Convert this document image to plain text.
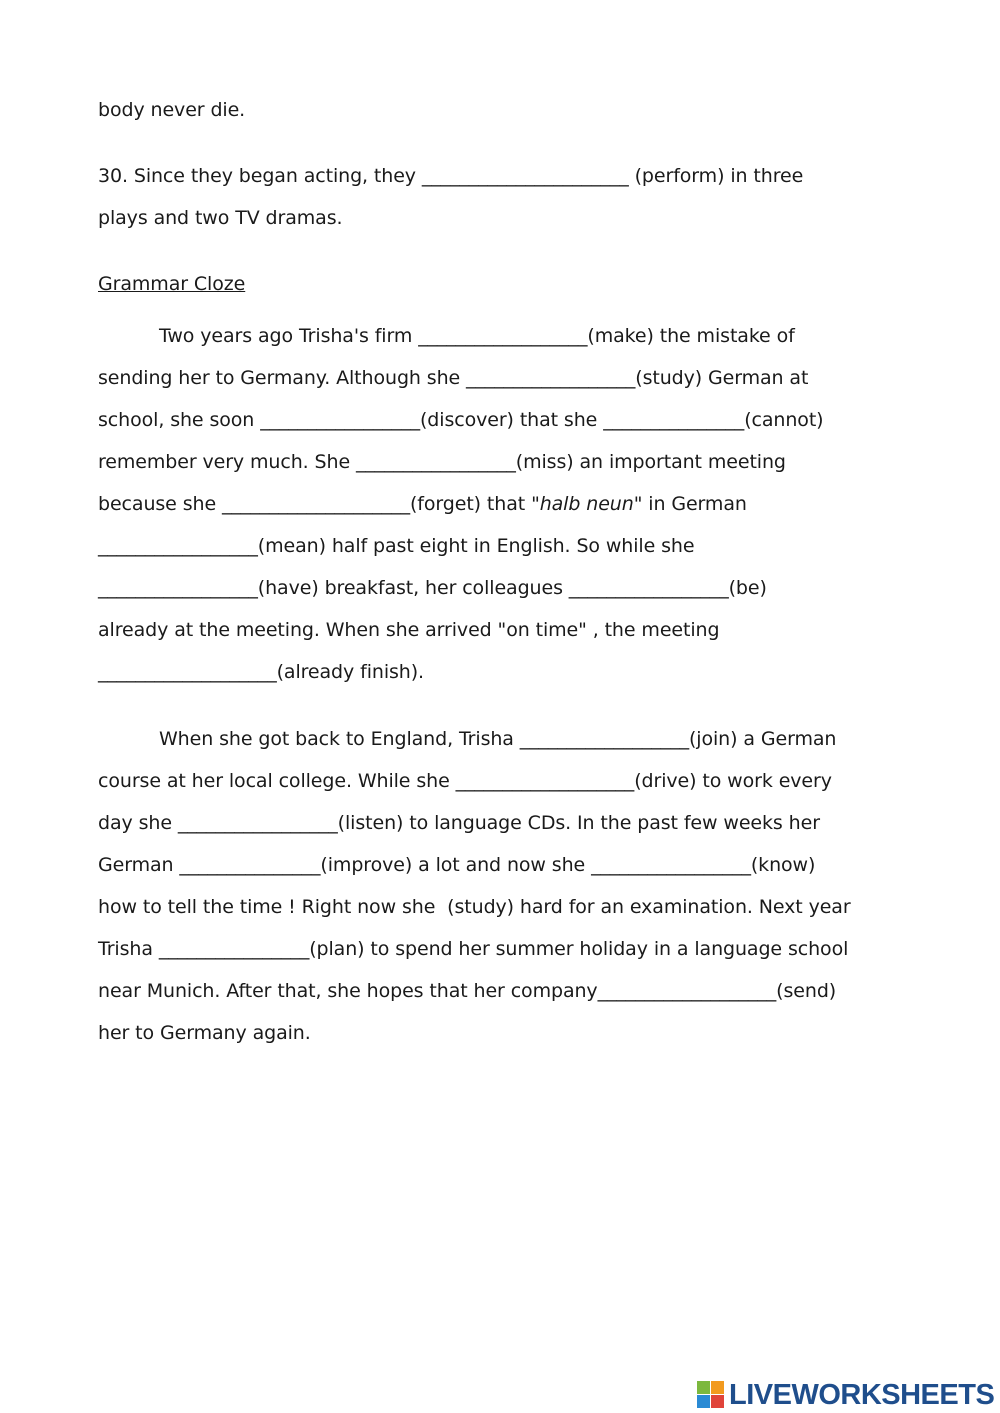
body never die.
30. Since they began acting, they ______________________ (perform) in three
plays and two TV dramas.
Grammar Cloze
Two years ago Trisha's firm __________________(make) the mistake of
sending her to Germany. Although she __________________(study) German at
school, she soon _________________(discover) that she _______________(cannot)
remember very much. She _________________(miss) an important meeting
because she ____________________(forget) that "halb neun" in German
_________________(mean) half past eight in English. So while she
_________________(have) breakfast, her colleagues _________________(be)
already at the meeting. When she arrived "on time" , the meeting
___________________(already finish).
When she got back to England, Trisha __________________(join) a German
course at her local college. While she ___________________(drive) to work every
day she _________________(listen) to language CDs. In the past few weeks her
German _______________(improve) a lot and now she _________________(know)
how to tell the time ! Right now she  (study) hard for an examination. Next year
Trisha ________________(plan) to spend her summer holiday in a language school
near Munich. After that, she hopes that her company___________________(send)
her to Germany again.
LIVEWORKSHEETS
